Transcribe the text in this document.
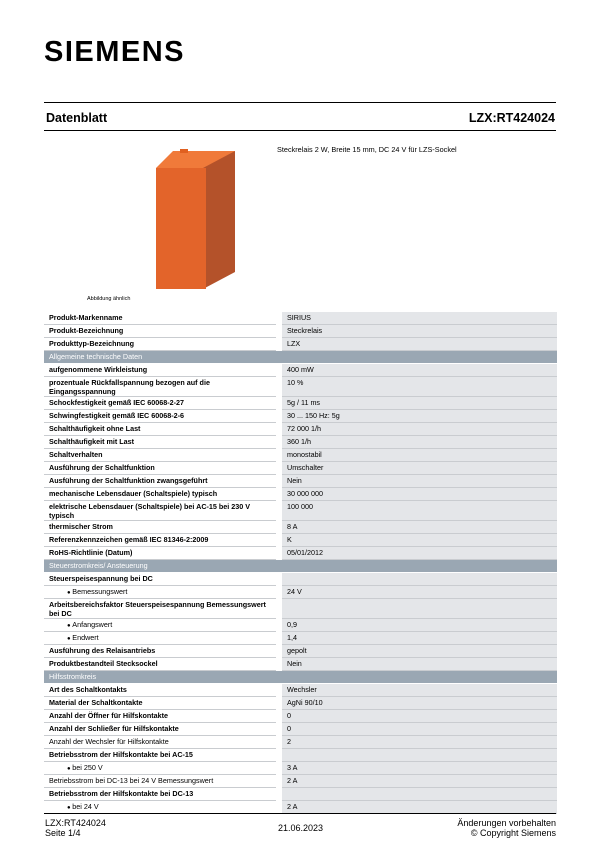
SIEMENS
Datenblatt	LZX:RT424024
Abbildung ähnlich
Steckrelais 2 W, Breite 15 mm, DC 24 V für LZS-Sockel
Produkt-Markenname	SIRIUS
Produkt-Bezeichnung	Steckrelais
Produkttyp-Bezeichnung	LZX
Allgemeine technische Daten	
aufgenommene Wirkleistung	400 mW
prozentuale Rückfallspannung bezogen auf die Eingangsspannung	10 %
Schockfestigkeit gemäß IEC 60068-2-27	5g / 11 ms
Schwingfestigkeit gemäß IEC 60068-2-6	30 ... 150 Hz: 5g
Schalthäufigkeit ohne Last	72 000 1/h
Schalthäufigkeit mit Last	360 1/h
Schaltverhalten	monostabil
Ausführung der Schaltfunktion	Umschalter
Ausführung der Schaltfunktion zwangsgeführt	Nein
mechanische Lebensdauer (Schaltspiele) typisch	30 000 000
elektrische Lebensdauer (Schaltspiele) bei AC-15 bei 230 V typisch	100 000
thermischer Strom	8 A
Referenzkennzeichen gemäß IEC 81346-2:2009	K
RoHS-Richtlinie (Datum)	05/01/2012
Steuerstromkreis/ Ansteuerung	
Steuerspeisespannung bei DC	
● Bemessungswert	24 V
Arbeitsbereichsfaktor Steuerspeisespannung Bemessungswert bei DC	
● Anfangswert	0,9
● Endwert	1,4
Ausführung des Relaisantriebs	gepolt
Produktbestandteil Stecksockel	Nein
Hilfsstromkreis	
Art des Schaltkontakts	Wechsler
Material der Schaltkontakte	AgNi 90/10
Anzahl der Öffner für Hilfskontakte	0
Anzahl der Schließer für Hilfskontakte	0
Anzahl der Wechsler für Hilfskontakte	2
Betriebsstrom der Hilfskontakte bei AC-15	
● bei 250 V	3 A
Betriebsstrom bei DC-13 bei 24 V Bemessungswert	2 A
Betriebsstrom der Hilfskontakte bei DC-13	
● bei 24 V	2 A
LZX:RT424024
Seite 1/4	21.06.2023	Änderungen vorbehalten
© Copyright Siemens
